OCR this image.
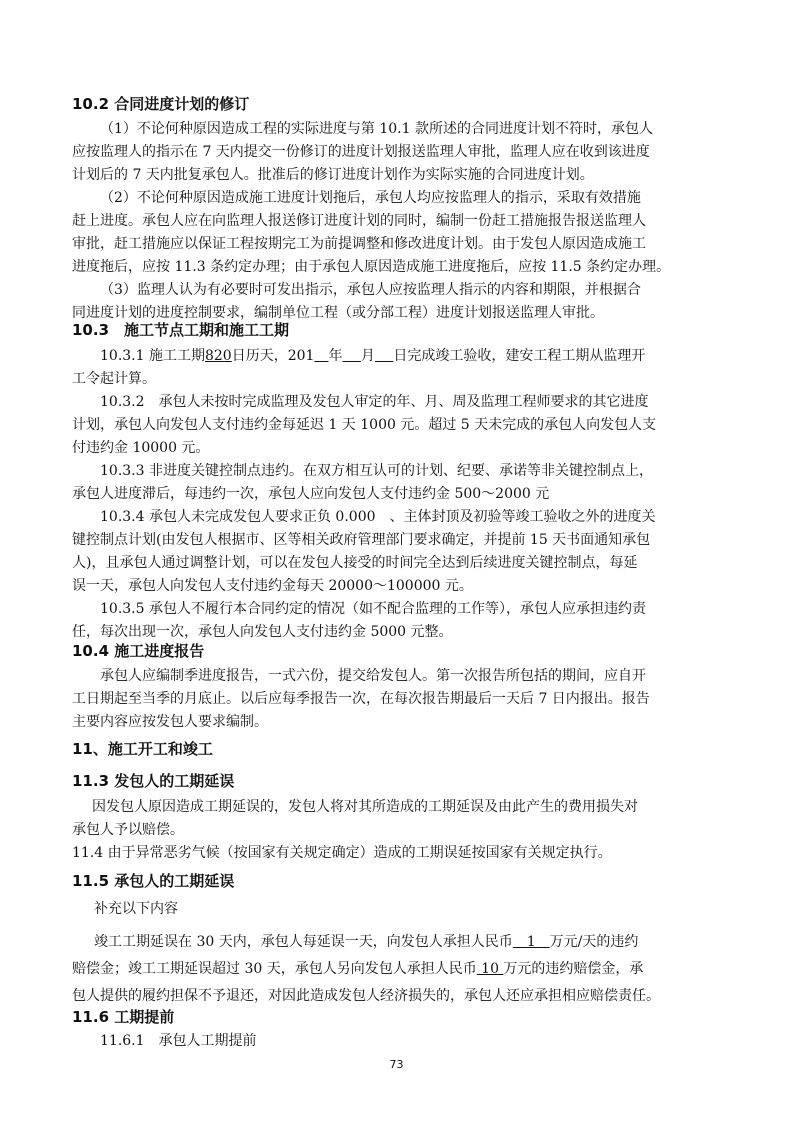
10.2 合同进度计划的修订
（1）不论何种原因造成工程的实际进度与第 10.1 款所述的合同进度计划不符时，承包人
应按监理人的指示在 7 天内提交一份修订的进度计划报送监理人审批，监理人应在收到该进度
计划后的 7 天内批复承包人。批准后的修订进度计划作为实际实施的合同进度计划。
（2）不论何种原因造成施工进度计划拖后，承包人均应按监理人的指示，采取有效措施
赶上进度。承包人应在向监理人报送修订进度计划的同时，编制一份赶工措施报告报送监理人
审批，赶工措施应以保证工程按期完工为前提调整和修改进度计划。由于发包人原因造成施工
进度拖后，应按 11.3 条约定办理；由于承包人原因造成施工进度拖后，应按 11.5 条约定办理。
（3）监理人认为有必要时可发出指示，承包人应按监理人指示的内容和期限，并根据合
同进度计划的进度控制要求，编制单位工程（或分部工程）进度计划报送监理人审批。
10.3　施工节点工期和施工工期
10.3.1 施工工期820日历天，201　 年　 月　 日完成竣工验收，建安工程工期从监理开
工令起计算。
10.3.2　承包人未按时完成监理及发包人审定的年、月、周及监理工程师要求的其它进度
计划，承包人向发包人支付违约金每延迟 1 天 1000 元。超过 5 天未完成的承包人向发包人支
付违约金 10000 元。
10.3.3 非进度关键控制点违约。在双方相互认可的计划、纪要、承诺等非关键控制点上，
承包人进度滞后，每违约一次，承包人应向发包人支付违约金 500～2000 元
10.3.4 承包人未完成发包人要求正负 0.000　、主体封顶及初验等竣工验收之外的进度关
键控制点计划(由发包人根据市、区等相关政府管理部门要求确定，并提前 15 天书面通知承包
人)，且承包人通过调整计划，可以在发包人接受的时间完全达到后续进度关键控制点，每延
误一天，承包人向发包人支付违约金每天 20000～100000 元。
10.3.5 承包人不履行本合同约定的情况（如不配合监理的工作等），承包人应承担违约责
任，每次出现一次，承包人向发包人支付违约金 5000 元整。
10.4 施工进度报告
承包人应编制季进度报告，一式六份，提交给发包人。第一次报告所包括的期间，应自开
工日期起至当季的月底止。以后应每季报告一次，在每次报告期最后一天后 7 日内报出。报告
主要内容应按发包人要求编制。
11、施工开工和竣工
11.3 发包人的工期延误
因发包人原因造成工期延误的，发包人将对其所造成的工期延误及由此产生的费用损失对
承包人予以赔偿。
11.4 由于异常恶劣气候（按国家有关规定确定）造成的工期误延按国家有关规定执行。
11.5 承包人的工期延误
补充以下内容
竣工工期延误在 30 天内，承包人每延误一天，向发包人承担人民币　1　万元/天的违约
赔偿金；竣工工期延误超过 30 天，承包人另向发包人承担人民币 10 万元的违约赔偿金，承
包人提供的履约担保不予退还，对因此造成发包人经济损失的，承包人还应承担相应赔偿责任。
11.6 工期提前
11.6.1　承包人工期提前
73
